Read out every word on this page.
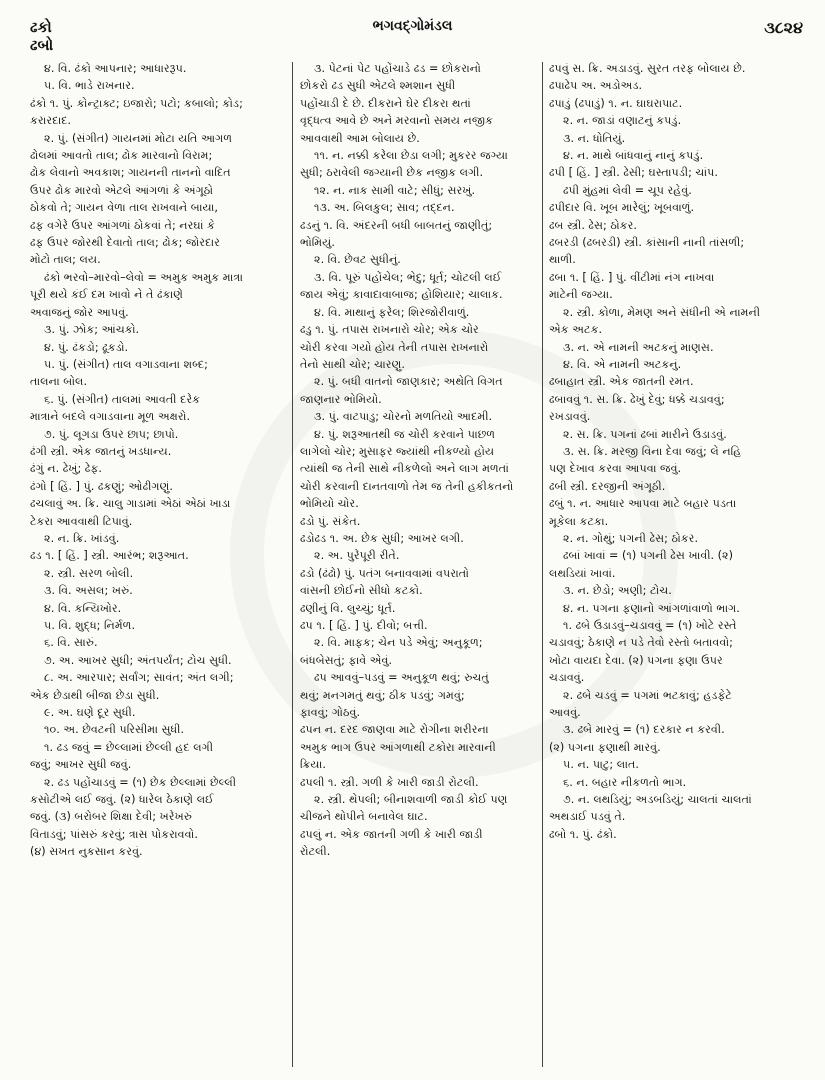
ઢકો
ઢબો
ભગવદ્ગોમંડલ	૩૮૨૪
૪. વિ. ઢંકો આપનાર; આધારરૂપ.
૫. વિ. ભાડે રાખનાર.
ઢંકો ૧. પું. કોન્ટ્રાક્ટ; ઇજારો; પટો; કબાલો; કોડ;
કરારદાદ.
૨. પું. (સંગીત) ગાયનમાં મોટા યતિ આગળ
ઢોલમાં આવતો તાલ; ઢોક મારવાનો વિરામ;
ઢોક લેવાનો અવકાશ; ગાયનની તાનનો વાદિત
ઉપર ઢોક મારવો એટલે આંગળાં કે અંગૂઠો
ઠોકવો તે; ગાયન વેળા તાલ રાખવાને બાયા,
ઢફ વગેરે ઉપર આંગળાં ઠોકવાં તે; નરઘાં કે
ઢફ ઉપર જોરથી દેવાતો તાલ; ઢોક; જોરદાર
મોટો તાલ; લય.
ઢંકો ભરવો–મારવો–લેવો = અમુક અમુક માત્રા
પૂરી થયે કંઈ દમ ખાવો ને તે ઢંકાણે
અવાજનું જોર આપવું.
૩. પું. ઝોક; આંચકો.
૪. પું. ઢંકડો; ઢૂકડો.
૫. પું. (સંગીત) તાલ વગાડવાના શબ્દ;
તાલના બોલ.
૬. પું. (સંગીત) તાલમાં આવતી દરેક
માત્રાને બદલે વગાડવાના મૂળ અક્ષરો.
૭. પું. લૂગડા ઉપર છાપ; છાપો.
ઢંગી સ્ત્રી. એક જાતનું ખડધાન્ય.
ઢંગું ન. ઢેખું; ઢેફ.
ઢંગો [ હિં. ] પું. ઢકણું; ઓઢીગણું.
ઢચલાવું અ. ક્રિ. ચાલુ ગાડામાં એઠાં એઠાં ખાડા
ટેકરા આવવાથી ટિપાવું.
૨. ન. ક્રિ. ખાંડવું.
ઢડ ૧. [ હિં. ] સ્ત્રી. આરંભ; શરૂઆત.
૨. સ્ત્રી. સરળ બોલી.
૩. વિ. અસલ; ખરું.
૪. વિ. કન્યિખોર.
૫. વિ. શુદ્ધ; નિર્મળ.
૬. વિ. સારું.
૭. અ. આખર સુધી; અંતપર્યંત; ટોચ સુધી.
૮. અ. આરપાર; સર્વાંગ; સાવંત; અંત લગી;
એક છેડાથી બીજા છેડા સુધી.
૯. અ. ઘણે દૂર સુધી.
૧૦. અ. છેવટની પરિસીમા સુધી.
૧. ઢડ જવું = છેલ્લામાં છેલ્લી હદ લગી
જવું; આખર સુધી જવું.
૨. ઢડ પહોંચાડવું = (૧) છેક છેલ્લામાં છેલ્લી
કસોટીએ લઈ જવું. (૨) ધારેલ ઠેકાણે લઈ
જવું. (૩) બરોબર શિક્ષા દેવી; ખરેખરું
વિતાડવું; પાંસરું કરવું; ત્રાસ પોકરાવવો.
(૪) સખત નુકસાન કરવું.
૩. પેટનાં પેટ પહોંચાડે ઢડ = છોકરાનો
છોકરો ઢડ સુધી એટલે શ્મશાન સુધી
પહોંચાડી દે છે. દીકરાને ઘેર દીકરા થતાં
વૃદ્ધત્વ આવે છે અને મરવાનો સમય નજીક
આવવાથી આમ બોલાય છે.
૧૧. ન. નક્કી કરેલા છેડા લગી; મુકરર જગ્યા
સુધી; ઠરાવેલી જગ્યાની છેક નજીક લગી.
૧૨. ન. નાક સામી વાટે; સીધું; સરખું.
૧૩. અ. બિલકુલ; સાવ; તદ્દન.
ઢડનું ૧. વિ. અંદરની બધી બાબતનું જાણીતું;
ભોમિયું.
૨. વિ. છેવટ સુધીનું.
૩. વિ. પૂરું પહોંચેલ; ભેદુ; ધૂર્ત; ચોટલી લઈ
જાય એવું; કાવાદાવાબાજ; હોશિયાર; ચાલાક.
૪. વિ. માથાનું ફરેલ; શિરજોરીવાળું.
ઢડુ ૧. પું. તપાસ રાખનારો ચોર; એક ચોર
ચોરી કરવા ગયો હોય તેની તપાસ રાખનારો
તેનો સાથી ચોર; ચારણુ.
૨. પું. બધી વાતનો જાણકાર; અથેતિ વિગત
જાણનાર ભોમિયો.
૩. પું. વાટપાડુ; ચોરનો મળતિયો આદમી.
૪. પું. શરૂઆતથી જ ચોરી કરવાને પાછળ
લાગેલો ચોર; મુસાફર જ્યાંથી નીકળ્યો હોય
ત્યાંથી જ તેની સાથે નીકળેલો અને લાગ મળતાં
ચોરી કરવાની દાનતવાળો તેમ જ તેની હકીકતનો
ભોમિયો ચોર.
ઢડો પું. સંકેત.
ઢડોઢડ ૧. અ. છેક સુધી; આખર લગી.
૨. અ. પુરેપૂરી રીતે.
ઢડો (ઢંઢો) પું. પતંગ બનાવવામાં વપરાતો
વાંસની છોઈનો સીધો કટકો.
ઢણીનું વિ. લુચ્ચું; ધૂર્ત.
ઢપ ૧. [ હિં. ] પું. દીવો; બત્તી.
૨. વિ. માફક; ચેન પડે એવું; અનુકૂળ;
બંધબેસતું; ફાવે એવું.
ઢપ આવવું–પડવું = અનુકૂળ થવું; રુચતું
થવું; મનગમતું થવું; ઠીક પડવું; ગમવું;
ફાવવું; ગોઠવું.
ઢપન ન. દરદ જાણવા માટે રોગીના શરીરના
અમુક ભાગ ઉપર આંગળાથી ટકોરા મારવાની
ક્રિયા.
ઢપલી ૧. સ્ત્રી. ગળી કે ખારી જાડી રોટલી.
૨. સ્ત્રી. થેપલી; બીનાશવાળી જાડી કોઈ પણ
ચીજને થોપીને બનાવેલ ઘાટ.
ઢપલું ન. એક જાતની ગળી કે ખારી જાડી
રોટલી.
ઢપવું સ. ક્રિ. અડાડવું. સુરત તરફ બોલાય છે.
ઢપાઢેપ અ. અડોઅડ.
ઢપાડું (ઢપાડું) ૧. ન. ઘાઘરાપાટ.
૨. ન. જાડાં વણાટનું કપડું.
૩. ન. ધોતિયું.
૪. ન. માથે બાંધવાનું નાનું કપડું.
ઢપી [ હિં. ] સ્ત્રી. ઢેસી; ઘસ્તાપડી; ચાંપ.
ઢપી મુંહમાં લેવી = ચૂપ રહેવું.
ઢપીદાર વિ. ખૂબ મારેલું; ખૂબવાળું.
ઢબ સ્ત્રી. ઢેસ; ઠોકર.
ઢબરડી (ઢબરડી) સ્ત્રી. કાંસાની નાની તાંસળી;
થાળી.
ઢબા ૧. [ હિં. ] પું. વીંટીમાં નંગ નાખવા
માટેની જગ્યા.
૨. સ્ત્રી. કોળા, મેમણ અને સંધીની એ નામની
એક અટક.
૩. ન. એ નામની અટકનું માણસ.
૪. વિ. એ નામની અટકનું.
ઢબાહાત સ્ત્રી. એક જાતની રમત.
ઢબાવવું ૧. સ. ક્રિ. ઢેખું દેવું; ધક્કે ચડાવવું;
રખડાવવું.
૨. સ. ક્રિ. પગનાં ઢબાં મારીને ઉડાડવું.
૩. સ. ક્રિ. મરજી વિના દેવા જવું; લે નહિ
પણ દેખાવ કરવા આપવા જવું.
ઢબી સ્ત્રી. દરજીની અંગૂઠી.
ઢબું ૧. ન. આધાર આપવા માટે બહાર પડતા
મૂકેલા કટકા.
૨. ન. ગોથું; પગની ઢેસ; ઠોકર.
ઢબાં ખાવાં = (૧) પગની ઢેસ ખાવી. (૨)
લથડિયાં ખાવાં.
૩. ન. છેડો; અણી; ટોચ.
૪. ન. પગના ફણાનો આંગળાંવાળો ભાગ.
૧. ઢબે ઉડાડવું–ચડાવવું = (૧) ખોટે રસ્તે
ચડાવવું; ઠેકાણે ન પડે તેવો રસ્તો બતાવવો;
ખોટા વાયદા દેવા. (૨) પગના ફણા ઉપર
ચડાવવું.
૨. ઢબે ચડવું = પગમાં ભટકાવું; હડફેટે
આવવું.
૩. ઢબે મારવું = (૧) દરકાર ન કરવી.
(૨) પગના ફણાથી મારવું.
૫. ન. પાટુ; લાત.
૬. ન. બહાર નીકળતો ભાગ.
૭. ન. લથડિયું; અડબડિયું; ચાલતાં ચાલતાં
અથડાઈ પડવું તે.
ઢબો ૧. પું. ઢંકો.
